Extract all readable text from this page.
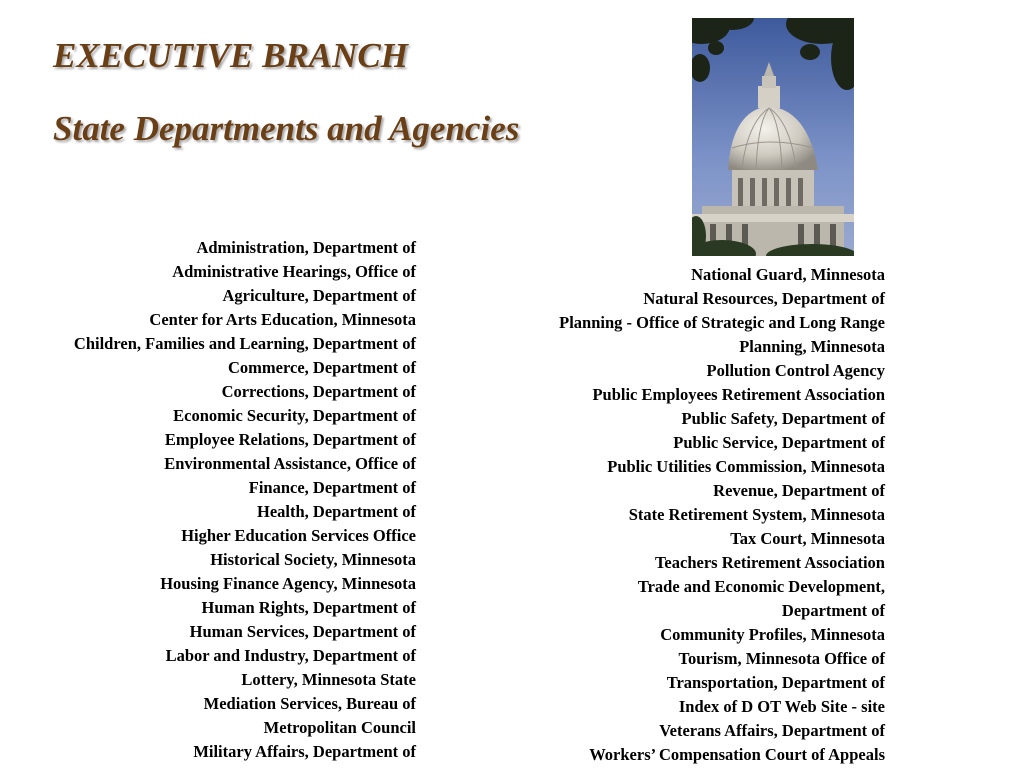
EXECUTIVE BRANCH
State Departments and Agencies
Administration, Department of
Administrative Hearings, Office of
Agriculture, Department of
Center for Arts Education, Minnesota
Children, Families and Learning, Department of
Commerce, Department of
Corrections, Department of
Economic Security, Department of
Employee Relations, Department of
Environmental Assistance, Office of
Finance, Department of
Health, Department of
Higher Education Services Office
Historical Society, Minnesota
Housing Finance Agency, Minnesota
Human Rights, Department of
Human Services, Department of
Labor and Industry, Department of
Lottery, Minnesota State
Mediation Services, Bureau of
Metropolitan Council
Military Affairs, Department of
National Guard, Minnesota
Natural Resources, Department of
Planning - Office of Strategic and Long Range
Planning, Minnesota
Pollution Control Agency
Public Employees Retirement Association
Public Safety, Department of
Public Service, Department of
Public Utilities Commission, Minnesota
Revenue, Department of
State Retirement System, Minnesota
Tax Court, Minnesota
Teachers Retirement Association
Trade and Economic Development,
Department of
Community Profiles, Minnesota
Tourism, Minnesota Office of
Transportation, Department of
Index of D OT Web Site - site
Veterans Affairs, Department of
Workers’ Compensation Court of Appeals
